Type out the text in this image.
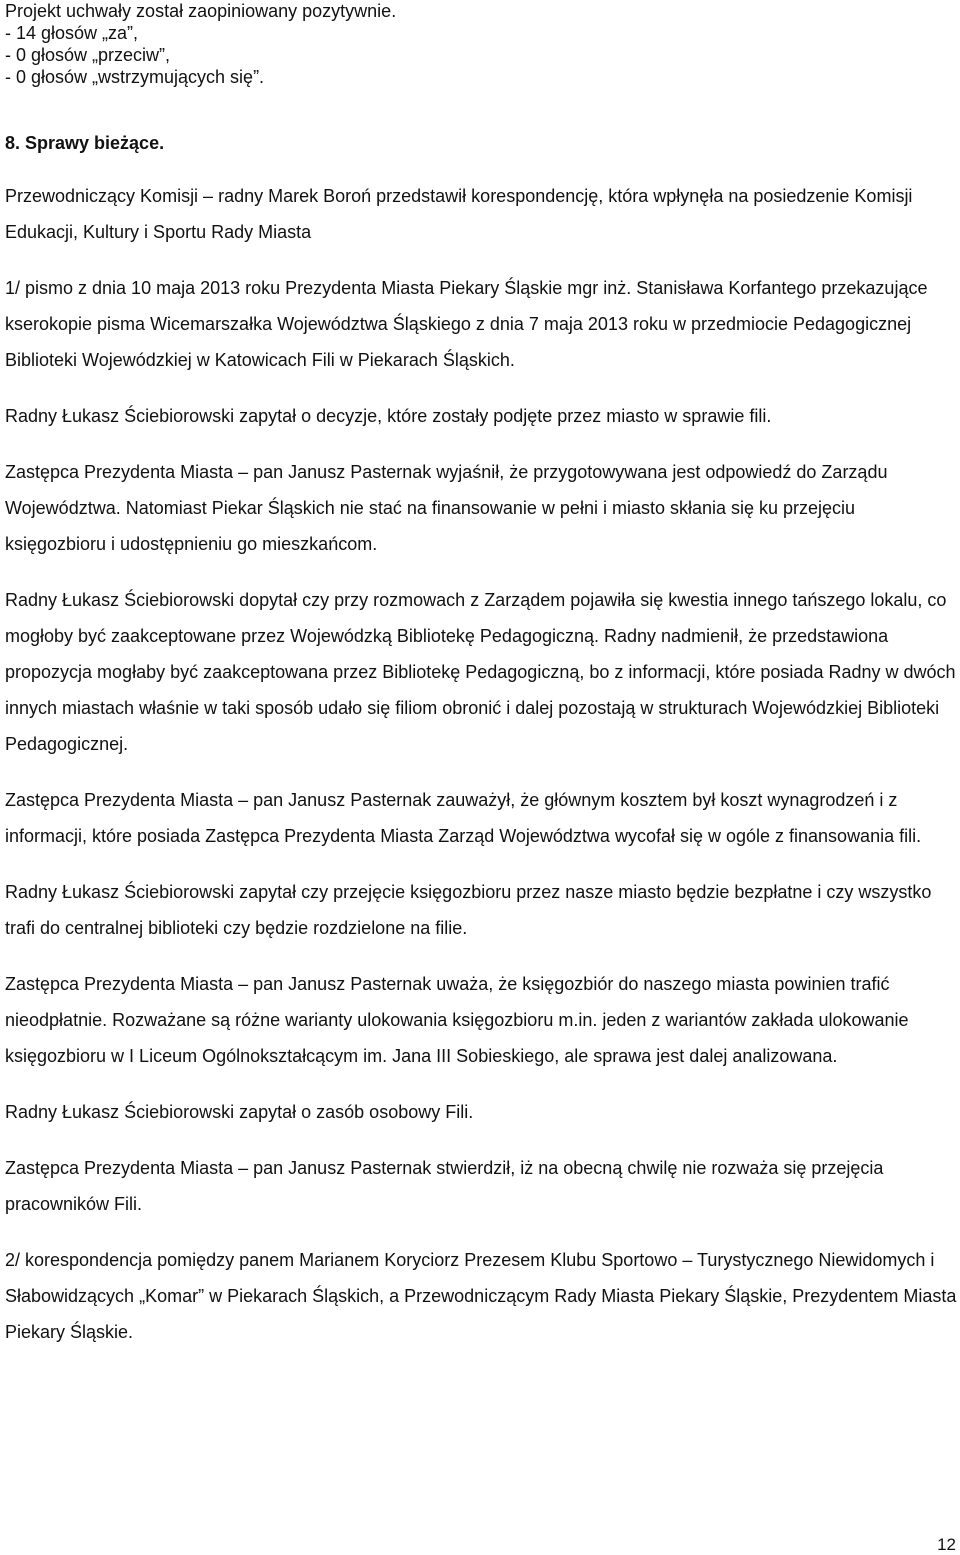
Projekt uchwały został zaopiniowany pozytywnie.

- 14 głosów „za”,

- 0 głosów „przeciw”,

- 0 głosów „wstrzymujących się”.

8. Sprawy bieżące.

Przewodniczący Komisji – radny Marek Boroń przedstawił korespondencję, która wpłynęła na posiedzenie Komisji Edukacji, Kultury i Sportu Rady Miasta

1/ pismo z dnia 10 maja 2013 roku Prezydenta Miasta Piekary Śląskie mgr inż. Stanisława Korfantego przekazujące kserokopie pisma Wicemarszałka Województwa Śląskiego z dnia 7 maja 2013 roku w przedmiocie Pedagogicznej Biblioteki Wojewódzkiej w Katowicach Fili w Piekarach Śląskich.

Radny Łukasz Ściebiorowski zapytał o decyzje, które zostały podjęte przez miasto w sprawie fili.

Zastępca Prezydenta Miasta – pan Janusz Pasternak wyjaśnił, że przygotowywana jest odpowiedź do Zarządu Województwa. Natomiast Piekar Śląskich nie stać na finansowanie w pełni i miasto skłania się ku przejęciu księgozbioru i udostępnieniu go mieszkańcom.

Radny Łukasz Ściebiorowski dopytał czy przy rozmowach z Zarządem pojawiła się kwestia innego tańszego lokalu, co mogłoby być zaakceptowane przez Wojewódzką Bibliotekę Pedagogiczną. Radny nadmienił, że przedstawiona propozycja mogłaby być zaakceptowana przez Bibliotekę Pedagogiczną, bo z informacji, które posiada Radny w dwóch innych miastach właśnie w taki sposób udało się filiom obronić i dalej pozostają w strukturach Wojewódzkiej Biblioteki Pedagogicznej.

Zastępca Prezydenta Miasta – pan Janusz Pasternak zauważył, że głównym kosztem był koszt wynagrodzeń i z informacji, które posiada Zastępca Prezydenta Miasta Zarząd Województwa wycofał się w ogóle z finansowania fili.

Radny Łukasz Ściebiorowski zapytał czy przejęcie księgozbioru przez nasze miasto będzie bezpłatne i czy wszystko trafi do centralnej biblioteki czy będzie rozdzielone na filie.

Zastępca Prezydenta Miasta – pan Janusz Pasternak uważa, że księgozbiór do naszego miasta powinien trafić nieodpłatnie. Rozważane są różne warianty ulokowania księgozbioru m.in. jeden z wariantów zakłada ulokowanie księgozbioru w I Liceum Ogólnokształcącym im. Jana III Sobieskiego, ale sprawa jest dalej analizowana.

Radny Łukasz Ściebiorowski zapytał o zasób osobowy Fili.

Zastępca Prezydenta Miasta – pan Janusz Pasternak stwierdził, iż na obecną chwilę nie rozważa się przejęcia pracowników Fili.

2/ korespondencja pomiędzy panem Marianem Koryciorz Prezesem Klubu Sportowo – Turystycznego Niewidomych i Słabowidzących „Komar” w Piekarach Śląskich, a Przewodniczącym Rady Miasta Piekary Śląskie, Prezydentem Miasta Piekary Śląskie.

12
